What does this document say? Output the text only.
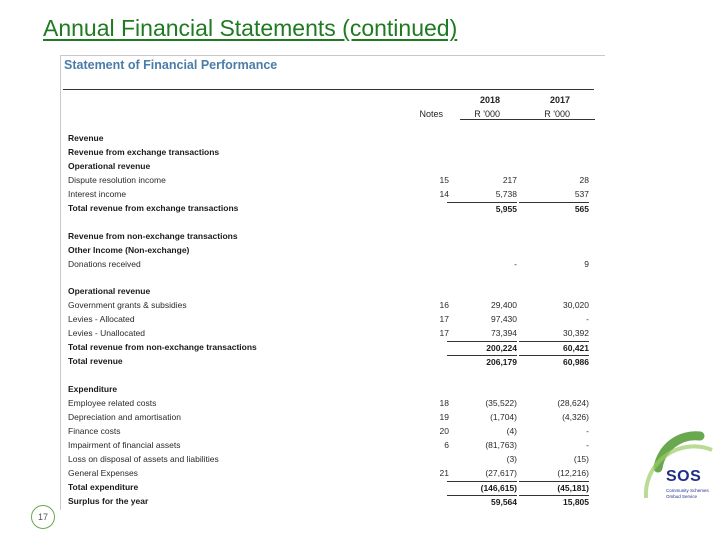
Annual Financial Statements (continued)
Statement of Financial Performance
2018	2017
Notes	R '000	R '000
Revenue
Revenue from exchange transactions
Operational revenue
Dispute resolution income	15	217	28
Interest income	14	5,738	537
Total revenue from exchange transactions	5,955	565
Revenue from non-exchange transactions
Other Income (Non-exchange)
Donations received	-	9
Operational revenue
Government grants & subsidies	16	29,400	30,020
Levies - Allocated	17	97,430	-
Levies - Unallocated	17	73,394	30,392
Total revenue from non-exchange transactions	200,224	60,421
Total revenue	206,179	60,986
Expenditure
Employee related costs	18	(35,522)	(28,624)
Depreciation and amortisation	19	(1,704)	(4,326)
Finance costs	20	(4)	-
Impairment of financial assets	6	(81,763)	-
Loss on disposal of assets and liabilities	(3)	(15)
General Expenses	21	(27,617)	(12,216)
Total expenditure	(146,615)	(45,181)
Surplus for the year	59,564	15,805
SOS
Community Schemes Ombud Service
17
